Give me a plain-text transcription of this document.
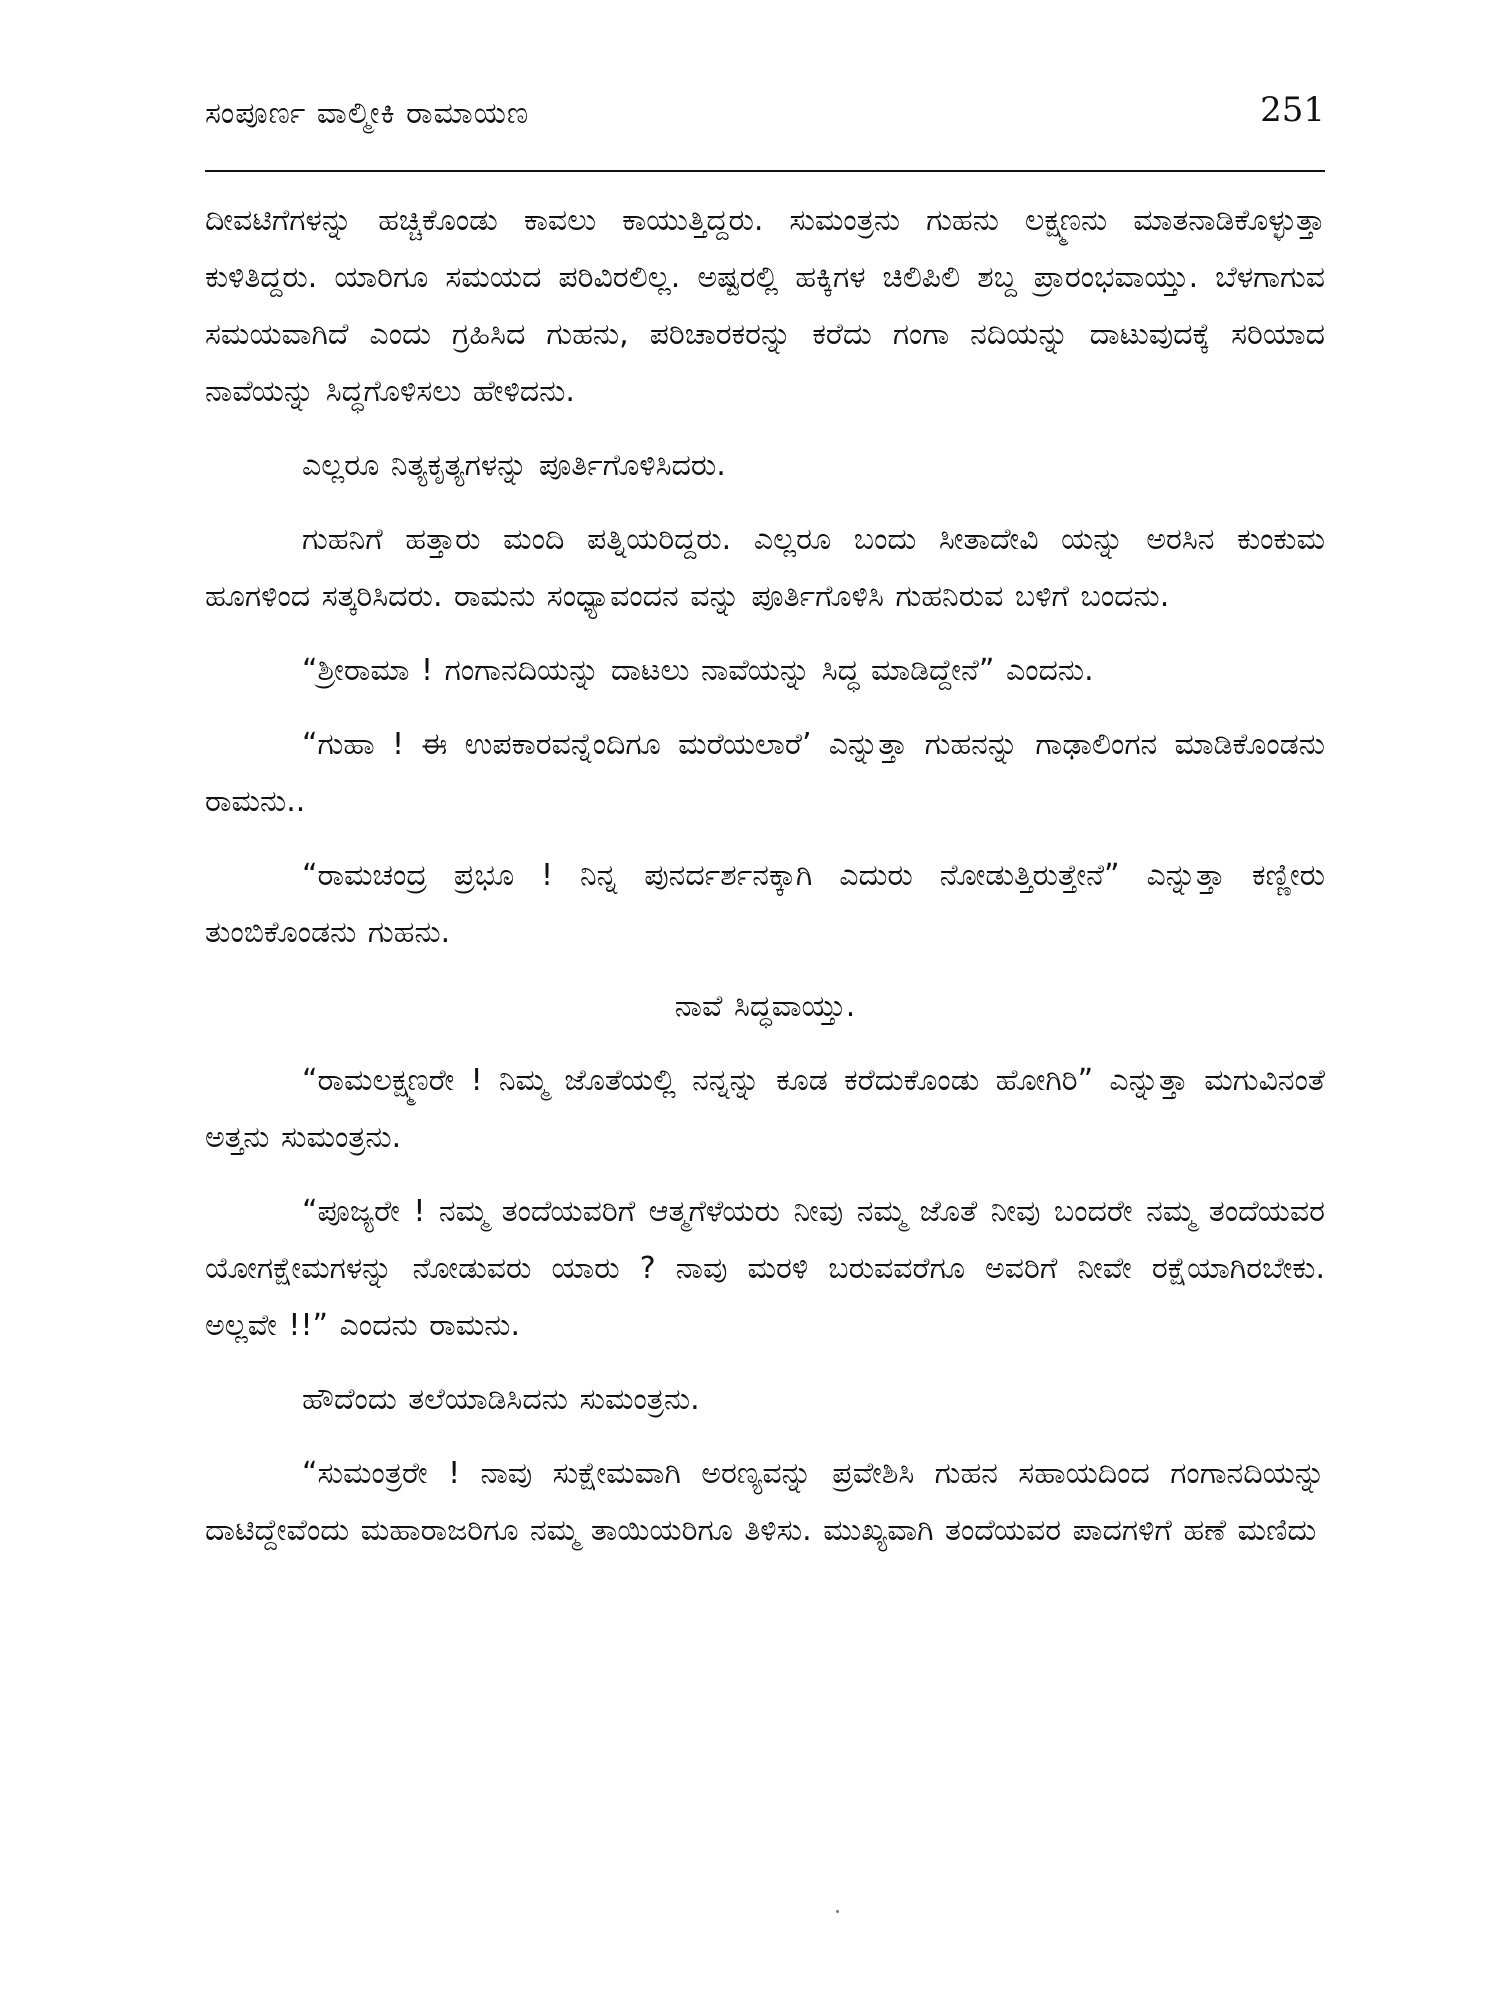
ಸಂಪೂರ್ಣ ವಾಲ್ಮೀಕಿ ರಾಮಾಯಣ	251

ದೀವಟಿಗೆಗಳನ್ನು ಹಚ್ಚಿಕೊಂಡು ಕಾವಲು ಕಾಯುತ್ತಿದ್ದರು. ಸುಮಂತ್ರನು ಗುಹನು ಲಕ್ಷ್ಮಣನು ಮಾತನಾಡಿಕೊಳ್ಳುತ್ತಾ ಕುಳಿತಿದ್ದರು. ಯಾರಿಗೂ ಸಮಯದ ಪರಿವಿರಲಿಲ್ಲ. ಅಷ್ಟರಲ್ಲಿ ಹಕ್ಕಿಗಳ ಚಿಲಿಪಿಲಿ ಶಬ್ದ ಪ್ರಾರಂಭವಾಯ್ತು. ಬೆಳಗಾಗುವ ಸಮಯವಾಗಿದೆ ಎಂದು ಗ್ರಹಿಸಿದ ಗುಹನು, ಪರಿಚಾರಕರನ್ನು ಕರೆದು ಗಂಗಾ ನದಿಯನ್ನು ದಾಟುವುದಕ್ಕೆ ಸರಿಯಾದ ನಾವೆಯನ್ನು ಸಿದ್ಧಗೊಳಿಸಲು ಹೇಳಿದನು.

ಎಲ್ಲರೂ ನಿತ್ಯಕೃತ್ಯಗಳನ್ನು ಪೂರ್ತಿಗೊಳಿಸಿದರು.

ಗುಹನಿಗೆ ಹತ್ತಾರು ಮಂದಿ ಪತ್ನಿಯರಿದ್ದರು. ಎಲ್ಲರೂ ಬಂದು ಸೀತಾದೇವಿ ಯನ್ನು ಅರಸಿನ ಕುಂಕುಮ ಹೂಗಳಿಂದ ಸತ್ಕರಿಸಿದರು. ರಾಮನು ಸಂಧ್ಯಾವಂದನ ವನ್ನು ಪೂರ್ತಿಗೊಳಿಸಿ ಗುಹನಿರುವ ಬಳಿಗೆ ಬಂದನು.

“ಶ್ರೀರಾಮಾ ! ಗಂಗಾನದಿಯನ್ನು ದಾಟಲು ನಾವೆಯನ್ನು ಸಿದ್ಧ ಮಾಡಿದ್ದೇನೆ” ಎಂದನು.

“ಗುಹಾ ! ಈ ಉಪಕಾರವನ್ನೆಂದಿಗೂ ಮರೆಯಲಾರೆ’ ಎನ್ನುತ್ತಾ ಗುಹನನ್ನು ಗಾಢಾಲಿಂಗನ ಮಾಡಿಕೊಂಡನು ರಾಮನು..

“ರಾಮಚಂದ್ರ ಪ್ರಭೂ ! ನಿನ್ನ ಪುನರ್ದರ್ಶನಕ್ಕಾಗಿ ಎದುರು ನೋಡುತ್ತಿರುತ್ತೇನೆ” ಎನ್ನುತ್ತಾ ಕಣ್ಣೀರು ತುಂಬಿಕೊಂಡನು ಗುಹನು.

ನಾವೆ ಸಿದ್ಧವಾಯ್ತು.

“ರಾಮಲಕ್ಷ್ಮಣರೇ ! ನಿಮ್ಮ ಜೊತೆಯಲ್ಲಿ ನನ್ನನ್ನು ಕೂಡ ಕರೆದುಕೊಂಡು ಹೋಗಿರಿ” ಎನ್ನುತ್ತಾ ಮಗುವಿನಂತೆ ಅತ್ತನು ಸುಮಂತ್ರನು.

“ಪೂಜ್ಯರೇ ! ನಮ್ಮ ತಂದೆಯವರಿಗೆ ಆತ್ಮಗೆಳೆಯರು ನೀವು ನಮ್ಮ ಜೊತೆ ನೀವು ಬಂದರೇ ನಮ್ಮ ತಂದೆಯವರ ಯೋಗಕ್ಷೇಮಗಳನ್ನು ನೋಡುವರು ಯಾರು ? ನಾವು ಮರಳಿ ಬರುವವರೆಗೂ ಅವರಿಗೆ ನೀವೇ ರಕ್ಷೆಯಾಗಿರಬೇಕು. ಅಲ್ಲವೇ !!” ಎಂದನು ರಾಮನು.

ಹೌದೆಂದು ತಲೆಯಾಡಿಸಿದನು ಸುಮಂತ್ರನು.

“ಸುಮಂತ್ರರೇ ! ನಾವು ಸುಕ್ಷೇಮವಾಗಿ ಅರಣ್ಯವನ್ನು ಪ್ರವೇಶಿಸಿ ಗುಹನ ಸಹಾಯದಿಂದ ಗಂಗಾನದಿಯನ್ನು ದಾಟಿದ್ದೇವೆಂದು ಮಹಾರಾಜರಿಗೂ ನಮ್ಮ ತಾಯಿಯರಿಗೂ ತಿಳಿಸು. ಮುಖ್ಯವಾಗಿ ತಂದೆಯವರ ಪಾದಗಳಿಗೆ ಹಣೆ ಮಣಿದು
